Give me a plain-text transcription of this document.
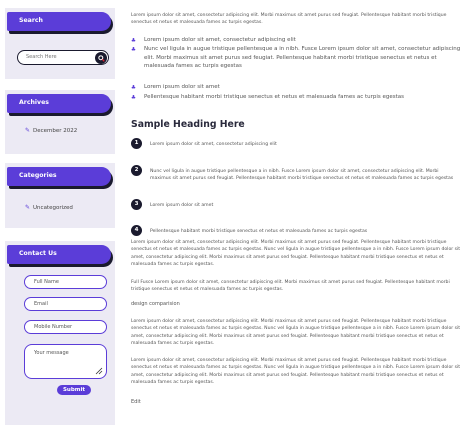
Search
Search Here
Archives
✎ December 2022
Categories
✎ Uncategorized
Contact Us
Full Name
Email
Mobile Number
Your message
Submit
Lorem ipsum dolor sit amet, consectetur adipiscing elit. Morbi maximus sit amet purus sed feugiat. Pellentesque habitant morbi tristique senectus et netus et malesuada fames ac turpis egestas.
♣	Lorem ipsum dolor sit amet, consectetur adipiscing elit
♣	Nunc vel ligula in augue tristique pellentesque a in nibh. Fusce Lorem ipsum dolor sit amet, consectetur adipiscing elit. Morbi maximus sit amet purus sed feugiat. Pellentesque habitant morbi tristique senectus et netus et malesuada fames ac turpis egestas
♣	Lorem ipsum dolor sit amet
♣	Pellentesque habitant morbi tristique senectus et netus et malesuada fames ac turpis egestas
Sample Heading Here
1	Lorem ipsum dolor sit amet, consectetur adipiscing elit
2	Nunc vel ligula in augue tristique pellentesque a in nibh. Fusce Lorem ipsum dolor sit amet, consectetur adipiscing elit. Morbi maximus sit amet purus sed feugiat. Pellentesque habitant morbi tristique senectus et netus et malesuada fames ac turpis egestas
3	Lorem ipsum dolor sit amet
4	Pellentesque habitant morbi tristique senectus et netus et malesuada fames ac turpis egestas
Lorem ipsum dolor sit amet, consectetur adipiscing elit. Morbi maximus sit amet purus sed feugiat. Pellentesque habitant morbi tristique senectus et netus et malesuada fames ac turpis egestas. Nunc vel ligula in augue tristique pellentesque a in nibh. Fusce Lorem ipsum dolor sit amet, consectetur adipiscing elit. Morbi maximus sit amet purus sed feugiat. Pellentesque habitant morbi tristique senectus et netus et malesuada fames ac turpis egestas.
Full Fusce Lorem ipsum dolor sit amet, consectetur adipiscing elit. Morbi maximus sit amet purus sed feugiat. Pellentesque habitant morbi tristique senectus et netus et malesuada fames ac turpis egestas.
design comparision
Lorem ipsum dolor sit amet, consectetur adipiscing elit. Morbi maximus sit amet purus sed feugiat. Pellentesque habitant morbi tristique senectus et netus et malesuada fames ac turpis egestas. Nunc vel ligula in augue tristique pellentesque a in nibh. Fusce Lorem ipsum dolor sit amet, consectetur adipiscing elit. Morbi maximus sit amet purus sed feugiat. Pellentesque habitant morbi tristique senectus et netus et malesuada fames ac turpis egestas.
Lorem ipsum dolor sit amet, consectetur adipiscing elit. Morbi maximus sit amet purus sed feugiat. Pellentesque habitant morbi tristique senectus et netus et malesuada fames ac turpis egestas. Nunc vel ligula in augue tristique pellentesque a in nibh. Fusce Lorem ipsum dolor sit amet, consectetur adipiscing elit. Morbi maximus sit amet purus sed feugiat. Pellentesque habitant morbi tristique senectus et netus et malesuada fames ac turpis egestas.
Edit
